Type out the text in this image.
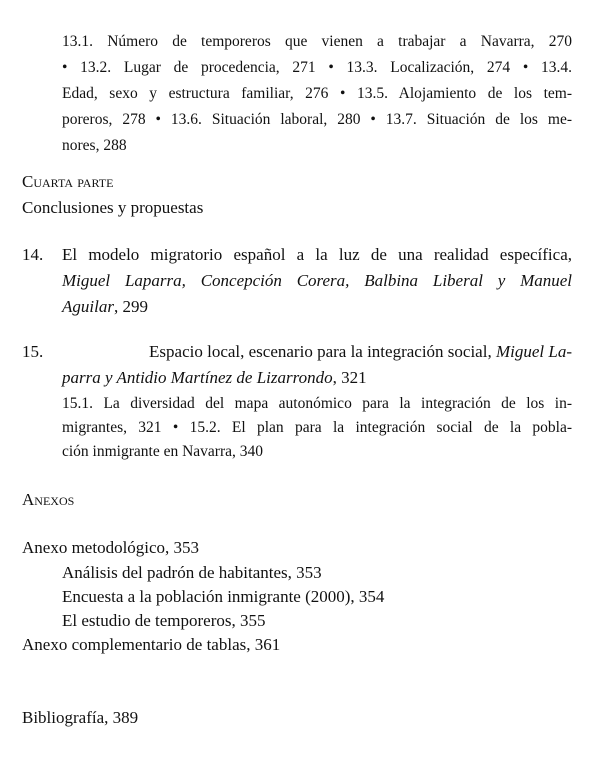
13.1. Número de temporeros que vienen a trabajar a Navarra, 270
• 13.2. Lugar de procedencia, 271 • 13.3. Localización, 274 • 13.4.
Edad, sexo y estructura familiar, 276 • 13.5. Alojamiento de los tem-
poreros, 278 • 13.6. Situación laboral, 280 • 13.7. Situación de los me-
nores, 288
Cuarta parte
Conclusiones y propuestas
14. El modelo migratorio español a la luz de una realidad específica,
Miguel Laparra, Concepción Corera, Balbina Liberal y Manuel
Aguilar, 299
15.	Espacio local, escenario para la integración social, Miguel La-
parra y Antidio Martínez de Lizarrondo, 321
15.1. La diversidad del mapa autonómico para la integración de los in-
migrantes, 321 • 15.2. El plan para la integración social de la pobla-
ción inmigrante en Navarra, 340
Anexos
Anexo metodológico, 353
Análisis del padrón de habitantes, 353
Encuesta a la población inmigrante (2000), 354
El estudio de temporeros, 355
Anexo complementario de tablas, 361
Bibliografía, 389
